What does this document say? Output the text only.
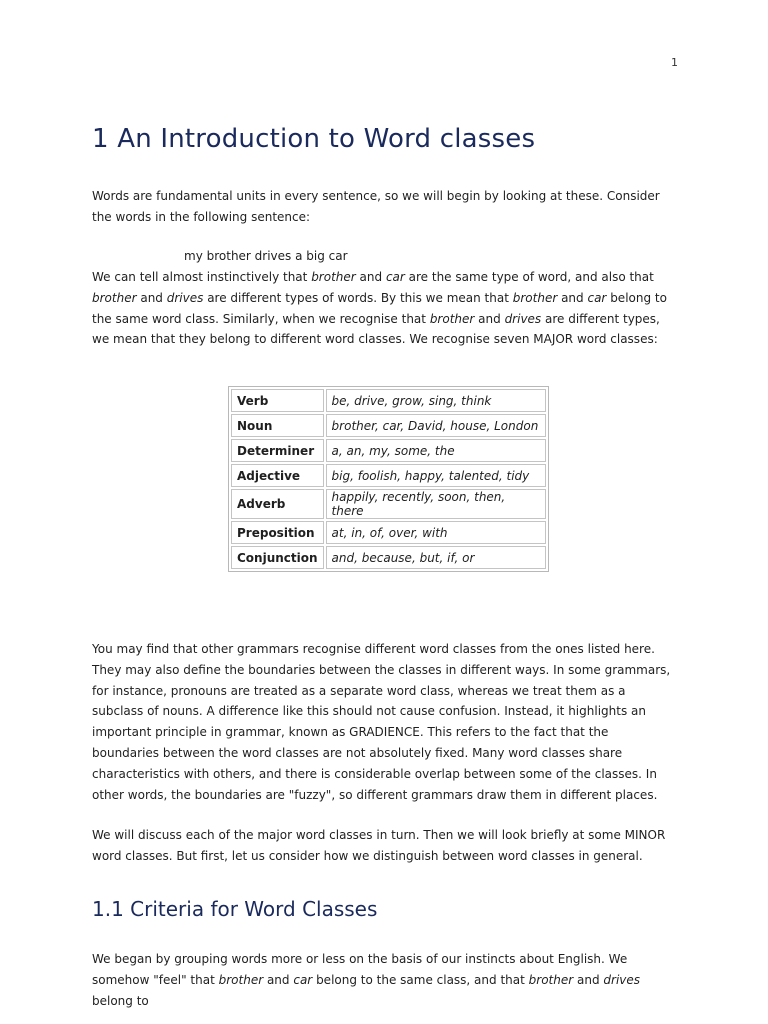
1
1 An Introduction to Word classes

Words are fundamental units in every sentence, so we will begin by looking at these. Consider the words in the following sentence:

my brother drives a big car

We can tell almost instinctively that brother and car are the same type of word, and also that brother and drives are different types of words. By this we mean that brother and car belong to the same word class. Similarly, when we recognise that brother and drives are different types, we mean that they belong to different word classes. We recognise seven MAJOR word classes:

Verb	be, drive, grow, sing, think
Noun	brother, car, David, house, London
Determiner	a, an, my, some, the
Adjective	big, foolish, happy, talented, tidy
Adverb	happily, recently, soon, then, there
Preposition	at, in, of, over, with
Conjunction	and, because, but, if, or

You may find that other grammars recognise different word classes from the ones listed here. They may also define the boundaries between the classes in different ways. In some grammars, for instance, pronouns are treated as a separate word class, whereas we treat them as a subclass of nouns. A difference like this should not cause confusion. Instead, it highlights an important principle in grammar, known as GRADIENCE. This refers to the fact that the boundaries between the word classes are not absolutely fixed. Many word classes share characteristics with others, and there is considerable overlap between some of the classes. In other words, the boundaries are "fuzzy", so different grammars draw them in different places.

We will discuss each of the major word classes in turn. Then we will look briefly at some MINOR word classes. But first, let us consider how we distinguish between word classes in general.

1.1 Criteria for Word Classes

We began by grouping words more or less on the basis of our instincts about English. We somehow "feel" that brother and car belong to the same class, and that brother and drives belong to
